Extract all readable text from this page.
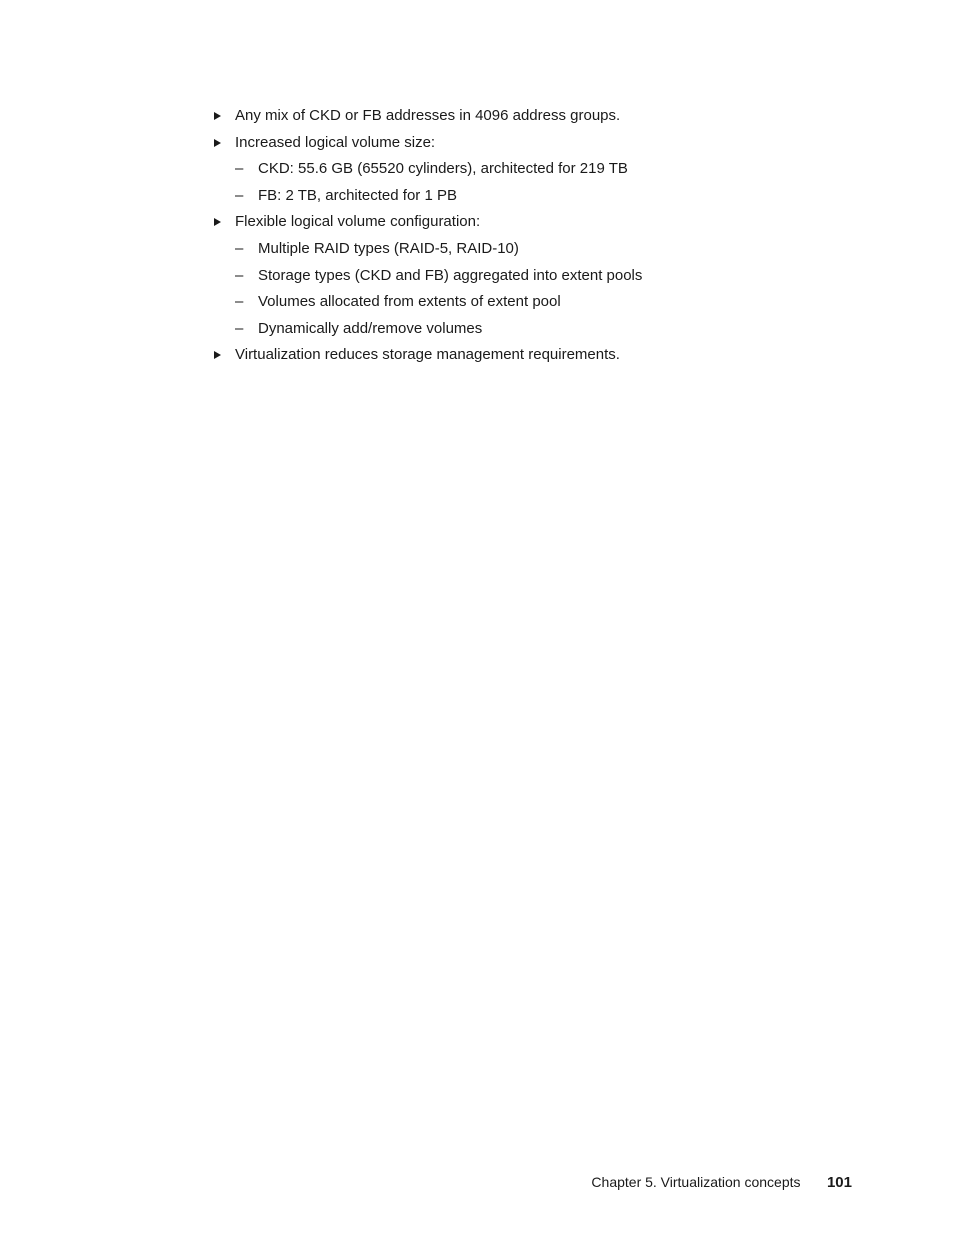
Any mix of CKD or FB addresses in 4096 address groups.
Increased logical volume size:
– CKD: 55.6 GB (65520 cylinders), architected for 219 TB
– FB: 2 TB, architected for 1 PB
Flexible logical volume configuration:
– Multiple RAID types (RAID-5, RAID-10)
– Storage types (CKD and FB) aggregated into extent pools
– Volumes allocated from extents of extent pool
– Dynamically add/remove volumes
Virtualization reduces storage management requirements.
Chapter 5. Virtualization concepts 101
